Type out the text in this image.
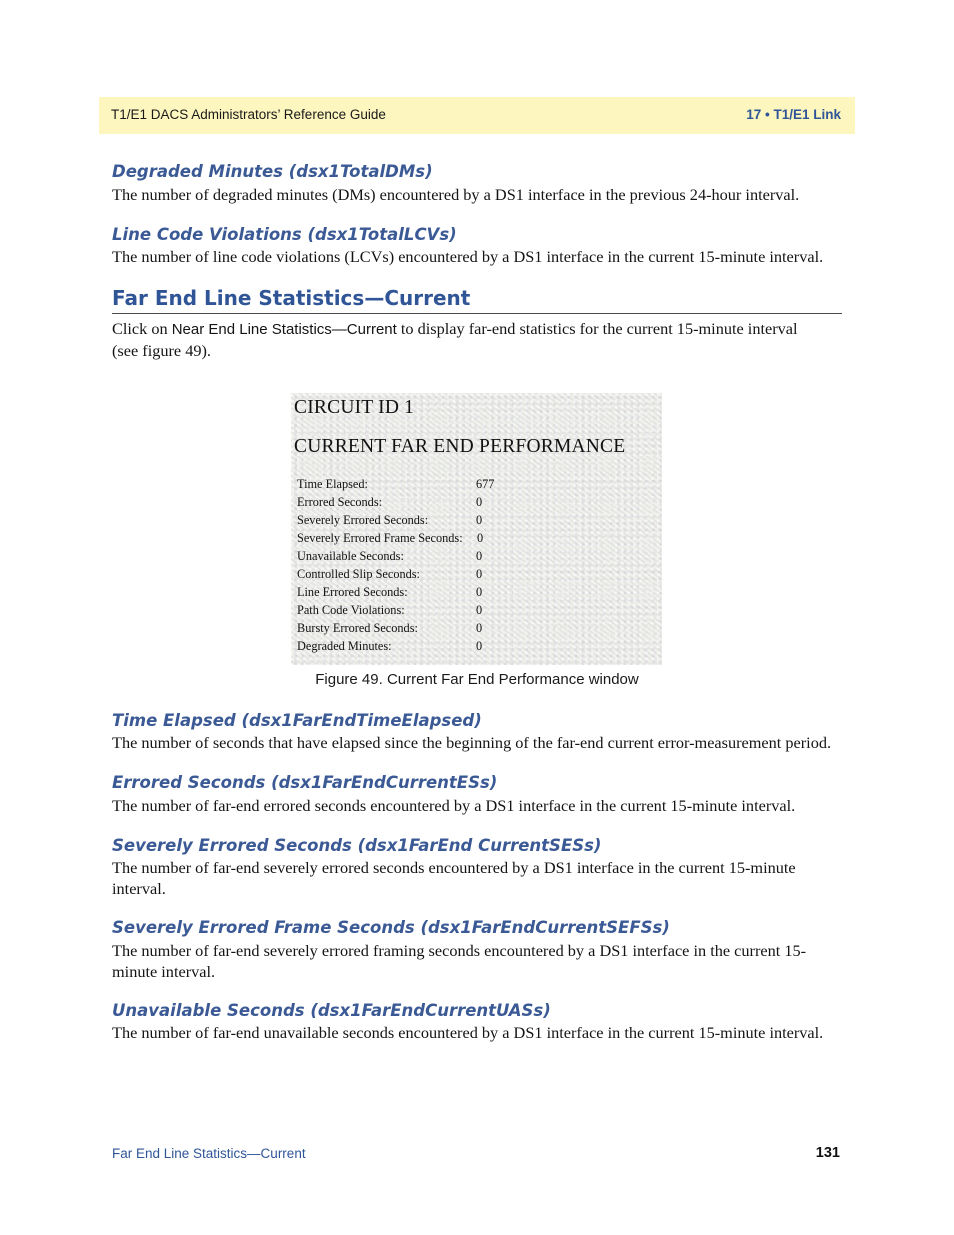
T1/E1 DACS Administrators’ Reference Guide	17 • T1/E1 Link
Degraded Minutes (dsx1TotalDMs)

The number of degraded minutes (DMs) encountered by a DS1 interface in the previous 24-hour interval.

Line Code Violations (dsx1TotalLCVs)

The number of line code violations (LCVs) encountered by a DS1 interface in the current 15-minute interval.

Far End Line Statistics—Current

Click on Near End Line Statistics—Current to display far-end statistics for the current 15-minute interval (see figure 49).

CIRCUIT ID 1
CURRENT FAR END PERFORMANCE
Time Elapsed:	677
Errored Seconds:	0
Severely Errored Seconds:	0
Severely Errored Frame Seconds: 0
Unavailable Seconds:	0
Controlled Slip Seconds:	0
Line Errored Seconds:	0
Path Code Violations:	0
Bursty Errored Seconds:	0
Degraded Minutes:	0
Figure 49. Current Far End Performance window
Time Elapsed (dsx1FarEndTimeElapsed)

The number of seconds that have elapsed since the beginning of the far-end current error-measurement period.

Errored Seconds (dsx1FarEndCurrentESs)

The number of far-end errored seconds encountered by a DS1 interface in the current 15-minute interval.

Severely Errored Seconds (dsx1FarEnd CurrentSESs)

The number of far-end severely errored seconds encountered by a DS1 interface in the current 15-minute interval.

Severely Errored Frame Seconds (dsx1FarEndCurrentSEFSs)

The number of far-end severely errored framing seconds encountered by a DS1 interface in the current 15-minute interval.

Unavailable Seconds (dsx1FarEndCurrentUASs)

The number of far-end unavailable seconds encountered by a DS1 interface in the current 15-minute interval.

Far End Line Statistics—Current	131
